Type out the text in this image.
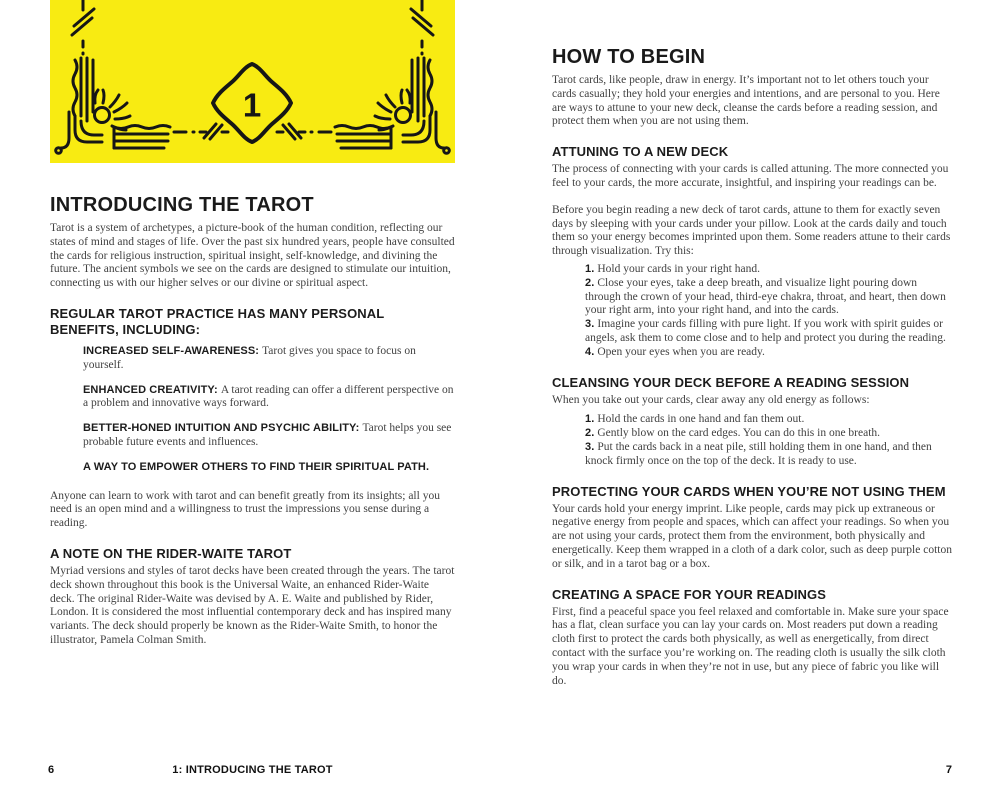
1
INTRODUCING THE TAROT

Tarot is a system of archetypes, a picture-book of the human condition, reflecting our states of mind and stages of life. Over the past six hundred years, people have consulted the cards for religious instruction, spiritual insight, self-knowledge, and divining the future. The ancient symbols we see on the cards are designed to stimulate our intuition, connecting us with our higher selves or our divine or spiritual aspect.

REGULAR TAROT PRACTICE HAS MANY PERSONAL BENEFITS, INCLUDING:

INCREASED SELF-AWARENESS: Tarot gives you space to focus on yourself.

ENHANCED CREATIVITY: A tarot reading can offer a different perspective on a problem and innovative ways forward.

BETTER-HONED INTUITION AND PSYCHIC ABILITY: Tarot helps you see probable future events and influences.

A WAY TO EMPOWER OTHERS TO FIND THEIR SPIRITUAL PATH.

Anyone can learn to work with tarot and can benefit greatly from its insights; all you need is an open mind and a willingness to trust the impressions you sense during a reading.

A NOTE ON THE RIDER-WAITE TAROT

Myriad versions and styles of tarot decks have been created through the years. The tarot deck shown throughout this book is the Universal Waite, an enhanced Rider-Waite deck. The original Rider-Waite was devised by A. E. Waite and published by Rider, London. It is considered the most influential contemporary deck and has inspired many variants. The deck should properly be known as the Rider-Waite Smith, to honor the illustrator, Pamela Colman Smith.

HOW TO BEGIN

Tarot cards, like people, draw in energy. It’s important not to let others touch your cards casually; they hold your energies and intentions, and are personal to you. Here are ways to attune to your new deck, cleanse the cards before a reading session, and protect them when you are not using them.

ATTUNING TO A NEW DECK

The process of connecting with your cards is called attuning. The more connected you feel to your cards, the more accurate, insightful, and inspiring your readings can be.

Before you begin reading a new deck of tarot cards, attune to them for exactly seven days by sleeping with your cards under your pillow. Look at the cards daily and touch them so your energy becomes imprinted upon them. Some readers attune to their cards through visualization. Try this:

1. Hold your cards in your right hand.

2. Close your eyes, take a deep breath, and visualize light pouring down through the crown of your head, third-eye chakra, throat, and heart, then down your right arm, into your right hand, and into the cards.

3. Imagine your cards filling with pure light. If you work with spirit guides or angels, ask them to come close and to help and protect you during the reading.

4. Open your eyes when you are ready.

CLEANSING YOUR DECK BEFORE A READING SESSION

When you take out your cards, clear away any old energy as follows:

1. Hold the cards in one hand and fan them out.

2. Gently blow on the card edges. You can do this in one breath.

3. Put the cards back in a neat pile, still holding them in one hand, and then knock firmly once on the top of the deck. It is ready to use.

PROTECTING YOUR CARDS WHEN YOU’RE NOT USING THEM

Your cards hold your energy imprint. Like people, cards may pick up extraneous or negative energy from people and spaces, which can affect your readings. So when you are not using your cards, protect them from the environment, both physically and energetically. Keep them wrapped in a cloth of a dark color, such as deep purple cotton or silk, and in a tarot bag or a box.

CREATING A SPACE FOR YOUR READINGS

First, find a peaceful space you feel relaxed and comfortable in. Make sure your space has a flat, clean surface you can lay your cards on. Most readers put down a reading cloth first to protect the cards both physically, as well as energetically, from direct contact with the surface you’re working on. The reading cloth is usually the silk cloth you wrap your cards in when they’re not in use, but any piece of fabric you like will do.

6	1: INTRODUCING THE TAROT	7
